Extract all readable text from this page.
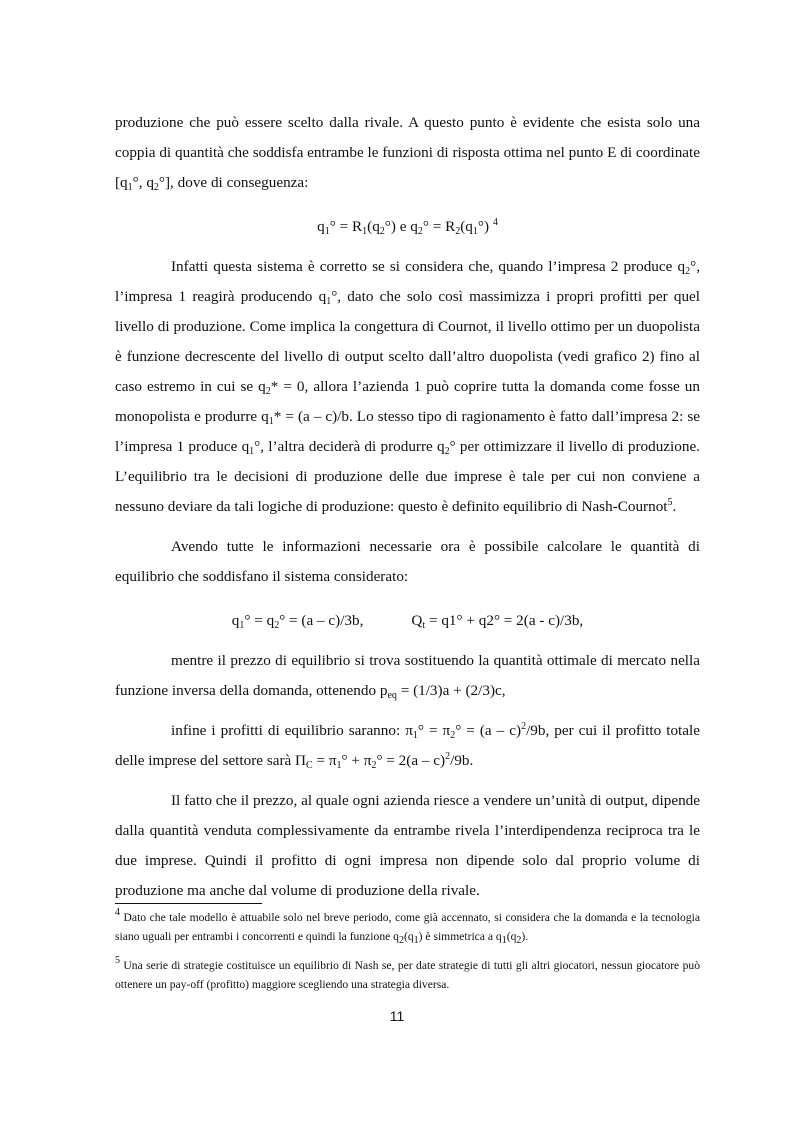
produzione che può essere scelto dalla rivale. A questo punto è evidente che esista solo una coppia di quantità che soddisfa entrambe le funzioni di risposta ottima nel punto E di coordinate [$q_1^\circ$, $q_2^\circ$], dove di conseguenza:

$q_1^\circ = R_1(q_2^\circ)$ e $q_2^\circ = R_2(q_1^\circ)$ $^4$

Infatti questa sistema è corretto se si considera che, quando l’impresa 2 produce $q_2^\circ$, l’impresa 1 reagirà producendo $q_1^\circ$, dato che solo così massimizza i propri profitti per quel livello di produzione. Come implica la congettura di Cournot, il livello ottimo per un duopolista è funzione decrescente del livello di output scelto dall’altro duopolista (vedi grafico 2) fino al caso estremo in cui se $q_2* = 0$, allora l’azienda 1 può coprire tutta la domanda come fosse un monopolista e produrre $q_1* = (a - c)/b$. Lo stesso tipo di ragionamento è fatto dall’impresa 2: se l’impresa 1 produce $q_1^\circ$, l’altra deciderà di produrre $q_2^\circ$ per ottimizzare il livello di produzione. L’equilibrio tra le decisioni di produzione delle due imprese è tale per cui non conviene a nessuno deviare da tali logiche di produzione: questo è definito equilibrio di Nash-Cournot$^5$.

Avendo tutte le informazioni necessarie ora è possibile calcolare le quantità di equilibrio che soddisfano il sistema considerato:

$q_1^\circ = q_2^\circ = (a - c)/3b$,	$Q_t = q1^\circ + q2^\circ = 2(a - c)/3b$,

mentre il prezzo di equilibrio si trova sostituendo la quantità ottimale di mercato nella funzione inversa della domanda, ottenendo $p_{eq} = (1/3)a + (2/3)c$,

infine i profitti di equilibrio saranno: $\pi_1^\circ = \pi_2^\circ = (a - c)^2/9b$, per cui il profitto totale delle imprese del settore sarà $\Pi_C = \pi_1^\circ + \pi_2^\circ = 2(a - c)^2/9b$.

Il fatto che il prezzo, al quale ogni azienda riesce a vendere un’unità di output, dipende dalla quantità venduta complessivamente da entrambe rivela l’interdipendenza reciproca tra le due imprese. Quindi il profitto di ogni impresa non dipende solo dal proprio volume di produzione ma anche dal volume di produzione della rivale.

$^4$ Dato che tale modello è attuabile solo nel breve periodo, come già accennato, si considera che la domanda e la tecnologia siano uguali per entrambi i concorrenti e quindi la funzione $q_2(q_1)$ è simmetrica a $q_1(q_2)$.
$^5$ Una serie di strategie costituisce un equilibrio di Nash se, per date strategie di tutti gli altri giocatori, nessun giocatore può ottenere un pay-off (profitto) maggiore scegliendo una strategia diversa.
11
